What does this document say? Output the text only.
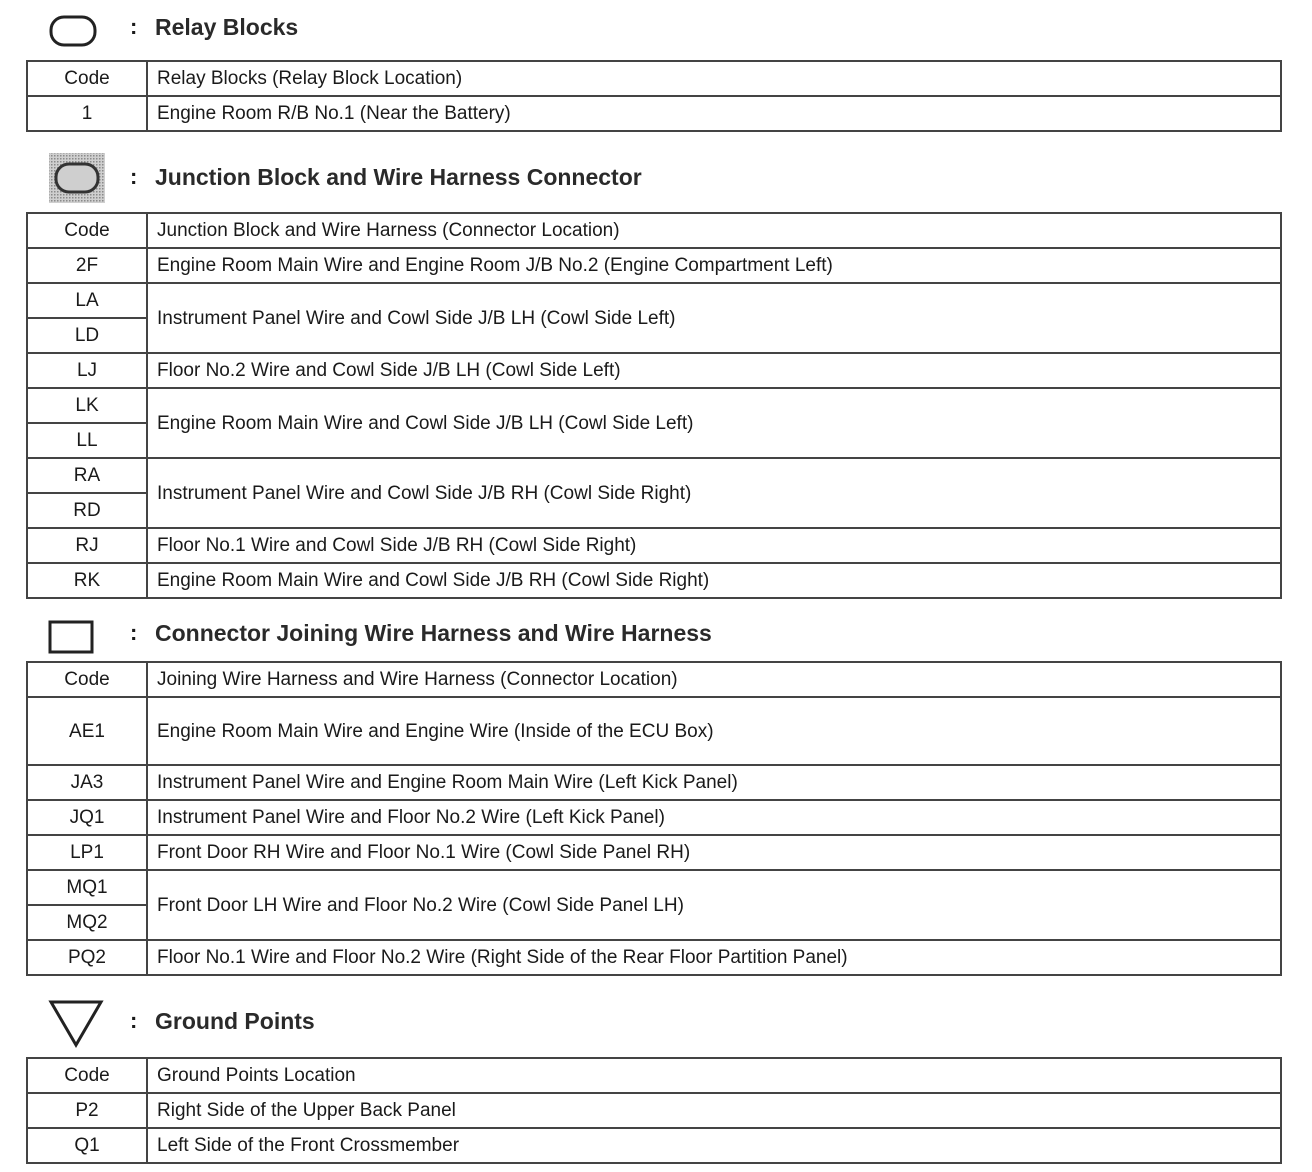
: Relay Blocks
Code	Relay Blocks (Relay Block Location)
1	Engine Room R/B No.1 (Near the Battery)
: Junction Block and Wire Harness Connector
Code	Junction Block and Wire Harness (Connector Location)
2F	Engine Room Main Wire and Engine Room J/B No.2 (Engine Compartment Left)
LA	Instrument Panel Wire and Cowl Side J/B LH (Cowl Side Left)
LD	
LJ	Floor No.2 Wire and Cowl Side J/B LH (Cowl Side Left)
LK	Engine Room Main Wire and Cowl Side J/B LH (Cowl Side Left)
LL	
RA	Instrument Panel Wire and Cowl Side J/B RH (Cowl Side Right)
RD	
RJ	Floor No.1 Wire and Cowl Side J/B RH (Cowl Side Right)
RK	Engine Room Main Wire and Cowl Side J/B RH (Cowl Side Right)
: Connector Joining Wire Harness and Wire Harness
Code	Joining Wire Harness and Wire Harness (Connector Location)
AE1	Engine Room Main Wire and Engine Wire (Inside of the ECU Box)
JA3	Instrument Panel Wire and Engine Room Main Wire (Left Kick Panel)
JQ1	Instrument Panel Wire and Floor No.2 Wire (Left Kick Panel)
LP1	Front Door RH Wire and Floor No.1 Wire (Cowl Side Panel RH)
MQ1	Front Door LH Wire and Floor No.2 Wire (Cowl Side Panel LH)
MQ2	
PQ2	Floor No.1 Wire and Floor No.2 Wire (Right Side of the Rear Floor Partition Panel)
: Ground Points
Code	Ground Points Location
P2	Right Side of the Upper Back Panel
Q1	Left Side of the Front Crossmember
